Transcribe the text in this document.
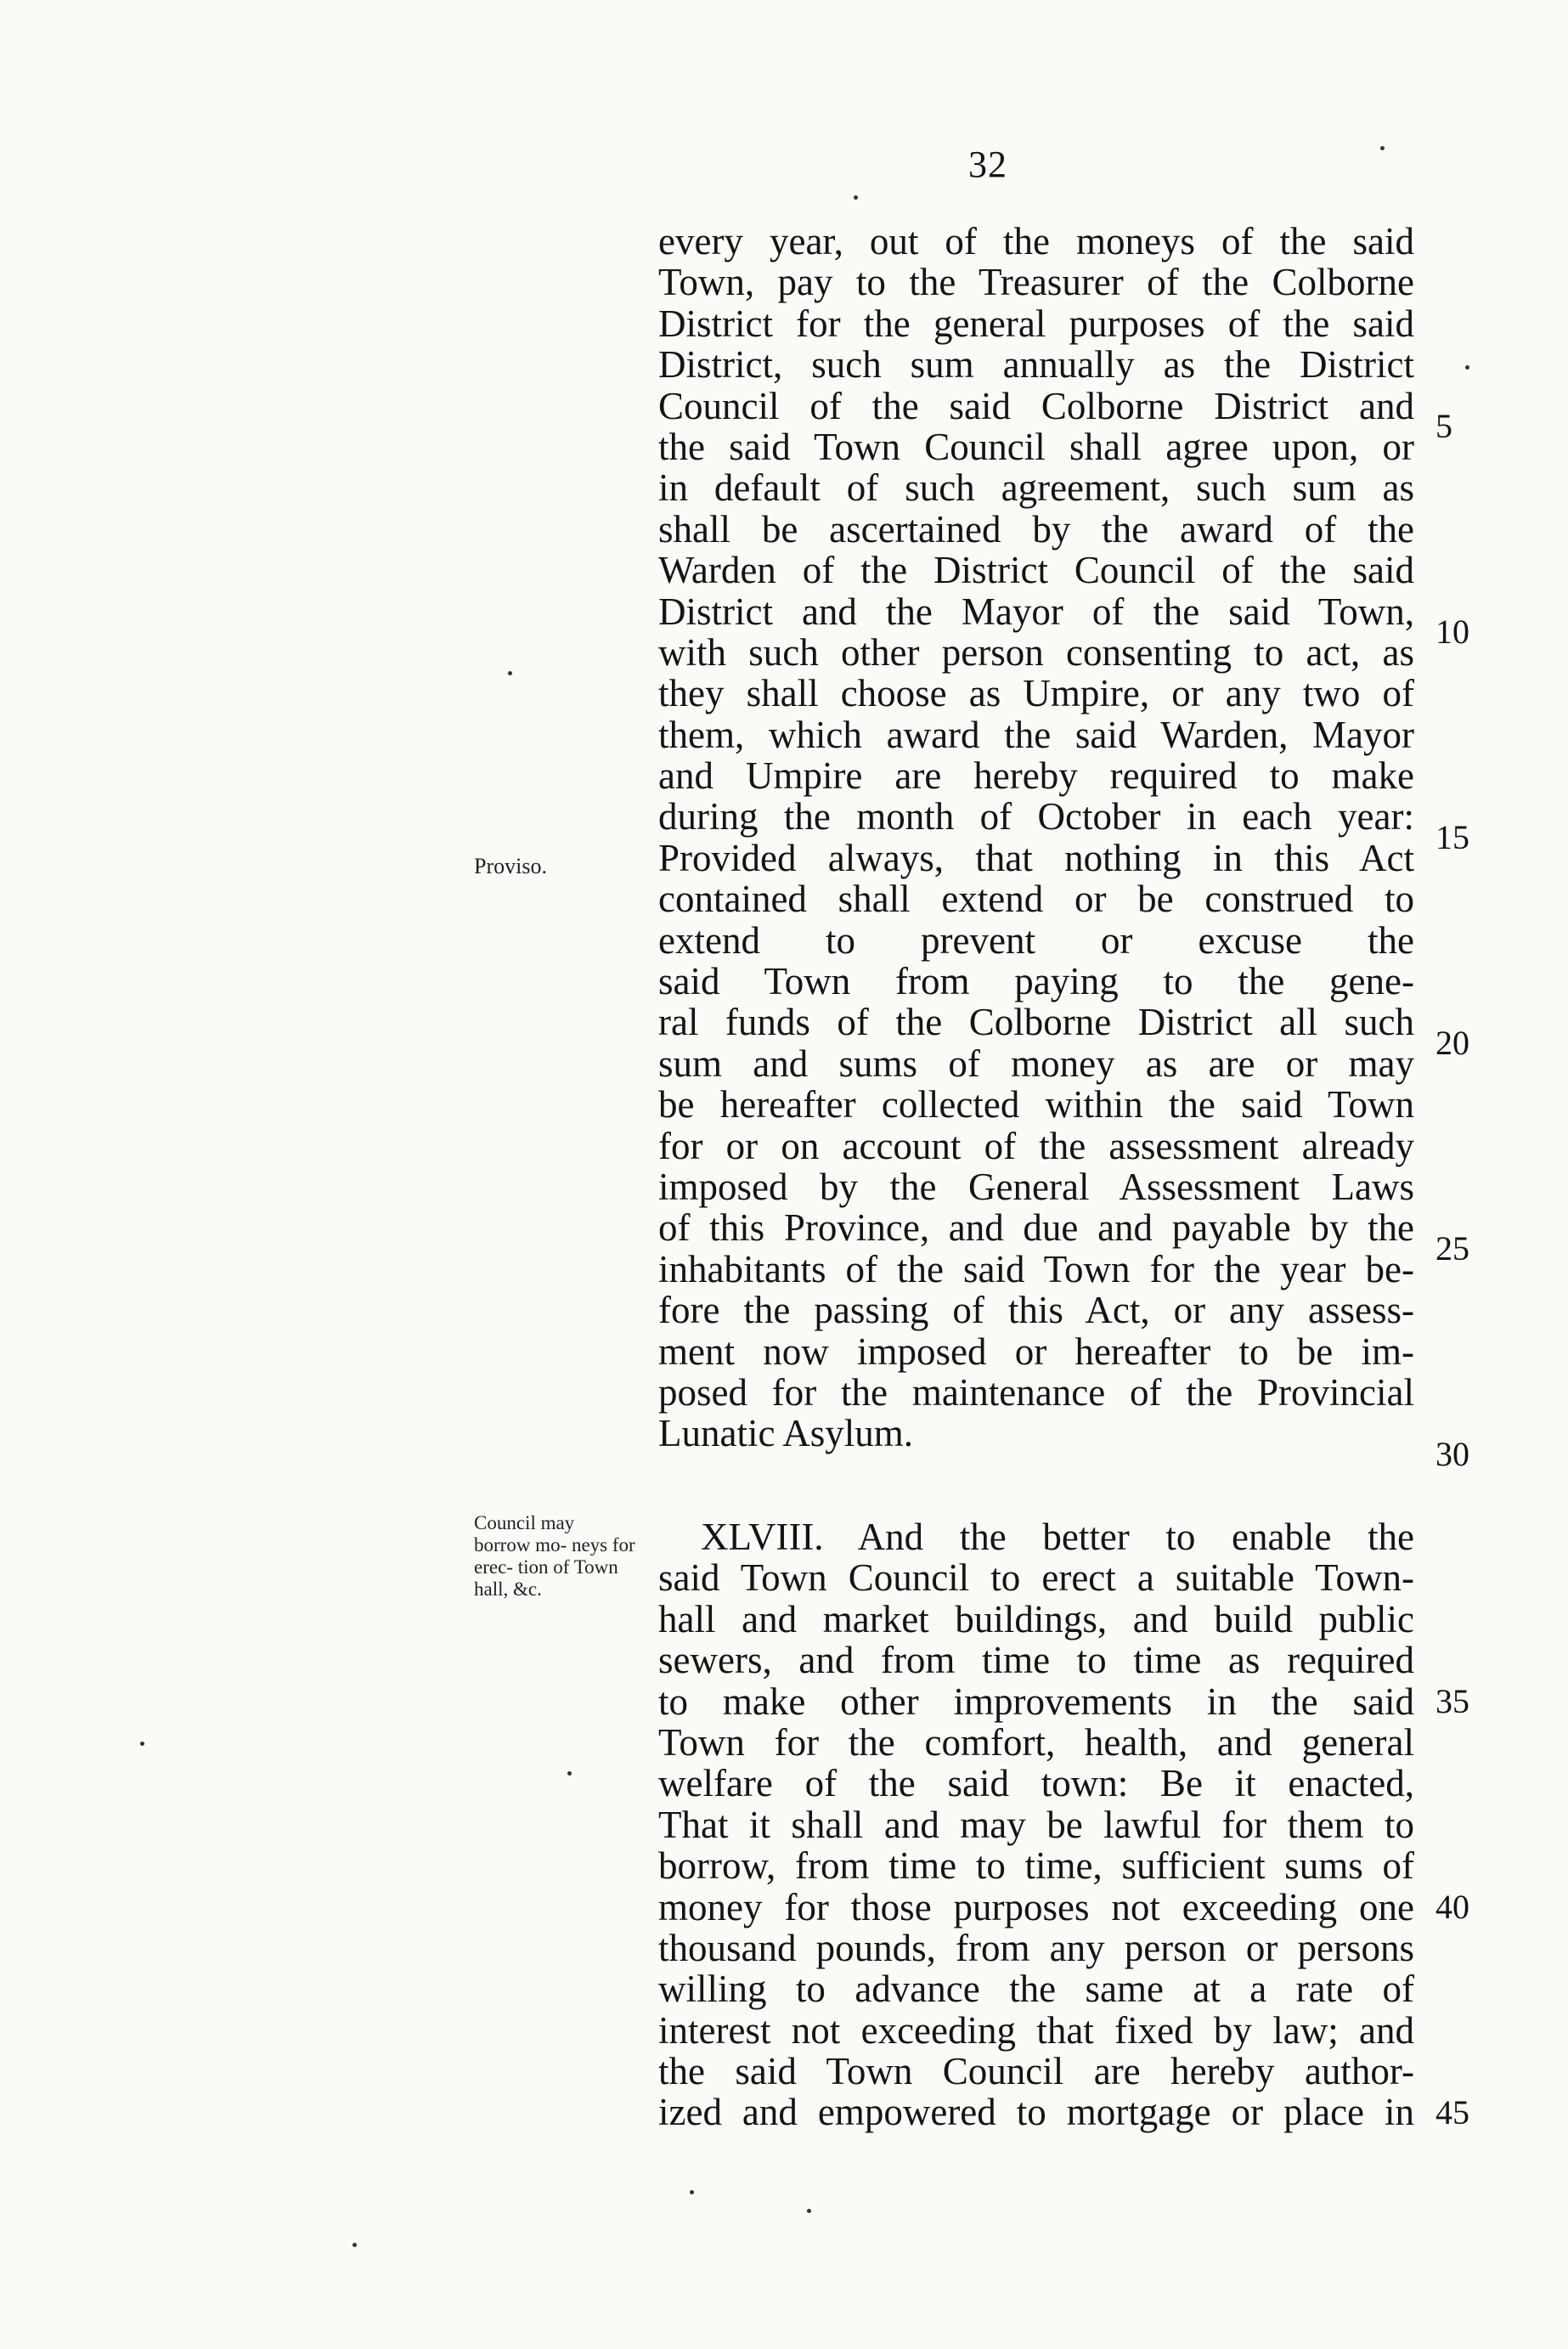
32
Proviso.
Council may borrow mo- neys for erec- tion of Town hall, &c.
every year, out of the moneys of the said
Town, pay to the Treasurer of the Colborne
District for the general purposes of the said
District, such sum annually as the District
Council of the said Colborne District and
the said Town Council shall agree upon, or
in default of such agreement, such sum as
shall be ascertained by the award of the
Warden of the District Council of the said
District and the Mayor of the said Town,
with such other person consenting to act, as
they shall choose as Umpire, or any two of
them, which award the said Warden, Mayor
and Umpire are hereby required to make
during the month of October in each year:
Provided always, that nothing in this Act
contained shall extend or be construed to
extend to prevent or excuse the
said Town from paying to the gene-
ral funds of the Colborne District all such
sum and sums of money as are or may
be hereafter collected within the said Town
for or on account of the assessment already
imposed by the General Assessment Laws
of this Province, and due and payable by the
inhabitants of the said Town for the year be-
fore the passing of this Act, or any assess-
ment now imposed or hereafter to be im-
posed for the maintenance of the Provincial
Lunatic Asylum.
XLVIII. And the better to enable the
said Town Council to erect a suitable Town-
hall and market buildings, and build public
sewers, and from time to time as required
to make other improvements in the said
Town for the comfort, health, and general
welfare of the said town: Be it enacted,
That it shall and may be lawful for them to
borrow, from time to time, sufficient sums of
money for those purposes not exceeding one
thousand pounds, from any person or persons
willing to advance the same at a rate of
interest not exceeding that fixed by law; and
the said Town Council are hereby author-
ized and empowered to mortgage or place in
5
10
15
20
25
30
35
40
45
